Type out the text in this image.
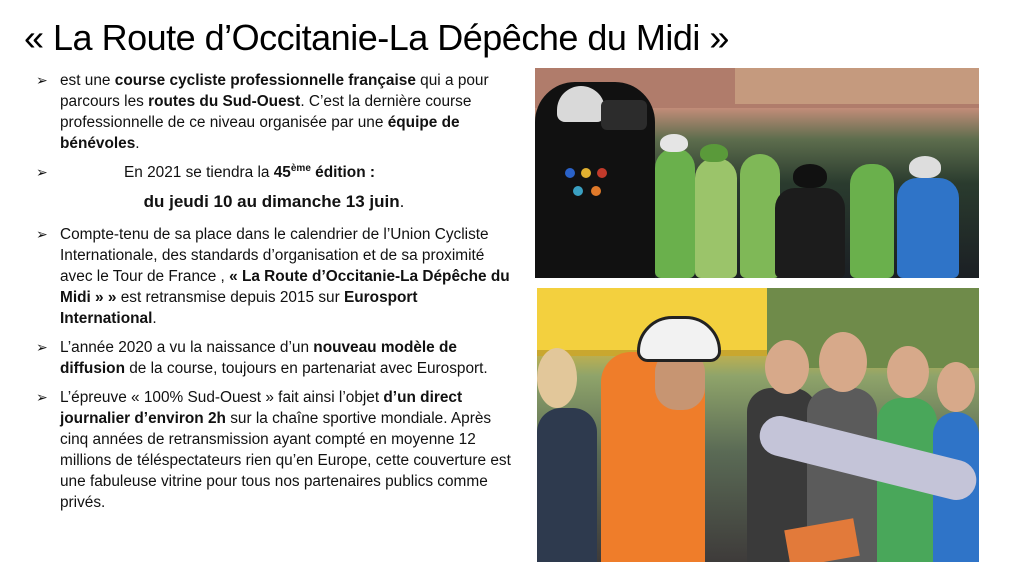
« La Route d’Occitanie-La Dépêche du Midi »
➢ est une course cycliste professionnelle française qui a pour parcours les routes du Sud-Ouest. C’est la dernière course professionnelle de ce niveau organisée par une équipe de bénévoles.
➢	En 2021 se tiendra la 45ème édition :
du jeudi 10 au dimanche 13 juin.
➢ Compte-tenu de sa place dans le calendrier de l’Union Cycliste Internationale, des standards d’organisation et de sa proximité avec le Tour de France , « La Route d’Occitanie-La Dépêche du Midi » » est retransmise depuis 2015 sur Eurosport International.
➢ L’année 2020 a vu la naissance d’un nouveau modèle de diffusion de la course, toujours en partenariat avec Eurosport.
➢ L’épreuve « 100% Sud-Ouest » fait ainsi l’objet d’un direct journalier d’environ 2h sur la chaîne sportive mondiale. Après cinq années de retransmission ayant compté en moyenne 12 millions de téléspectateurs rien qu’en Europe, cette couverture est une fabuleuse vitrine pour tous nos partenaires publics comme privés.
